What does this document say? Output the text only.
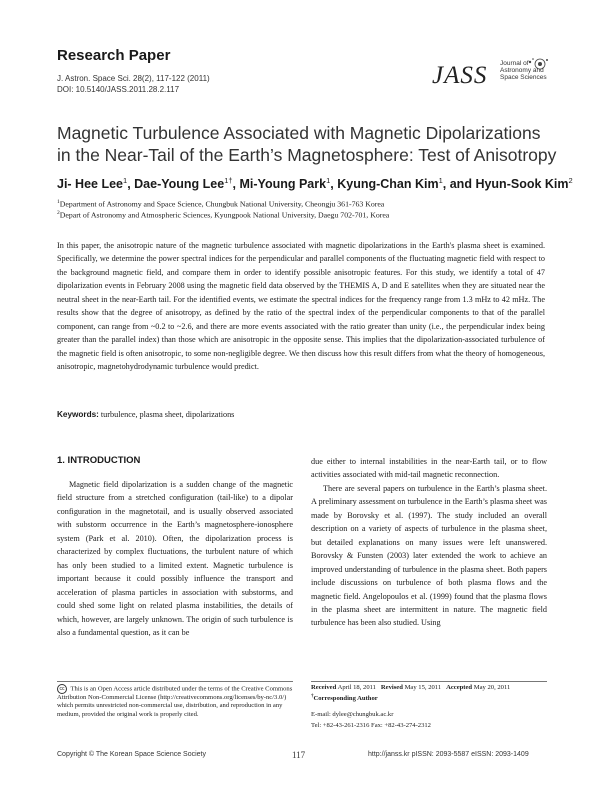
Research Paper
J. Astron. Space Sci. 28(2), 117-122 (2011)
DOI: 10.5140/JASS.2011.28.2.117
JASS Journal of
Astronomy and
Space Sciences
Magnetic Turbulence Associated with Magnetic Dipolarizations in the Near-Tail of the Earth’s Magnetosphere: Test of Anisotropy
Ji- Hee Lee$^1$, Dae-Young Lee$^{1\dagger}$, Mi-Young Park$^1$, Kyung-Chan Kim$^1$, and Hyun-Sook Kim$^2$
$^1$Department of Astronomy and Space Science, Chungbuk National University, Cheongju 361-763 Korea
$^2$Depart of Astronomy and Atmospheric Sciences, Kyungpook National University, Daegu 702-701, Korea
In this paper, the anisotropic nature of the magnetic turbulence associated with magnetic dipolarizations in the Earth's plasma sheet is examined. Specifically, we determine the power spectral indices for the perpendicular and parallel components of the fluctuating magnetic field with respect to the background magnetic field, and compare them in order to identify possible anisotropic features. For this study, we identify a total of 47 dipolarization events in February 2008 using the magnetic field data observed by the THEMIS A, D and E satellites when they are situated near the neutral sheet in the near-Earth tail. For the identified events, we estimate the spectral indices for the frequency range from 1.3 mHz to 42 mHz. The results show that the degree of anisotropy, as defined by the ratio of the spectral index of the perpendicular components to that of the parallel component, can range from ~0.2 to ~2.6, and there are more events associated with the ratio greater than unity (i.e., the perpendicular index being greater than the parallel index) than those which are anisotropic in the opposite sense. This implies that the dipolarization-associated turbulence of the magnetic field is often anisotropic, to some non-negligible degree. We then discuss how this result differs from what the theory of homogeneous, anisotropic, magnetohydrodynamic turbulence would predict.
Keywords: turbulence, plasma sheet, dipolarizations
1. INTRODUCTION

Magnetic field dipolarization is a sudden change of the magnetic field structure from a stretched configuration (tail-like) to a dipolar configuration in the magnetotail, and is usually observed associated with substorm occurrence in the Earth’s magnetosphere-ionosphere system (Park et al. 2010). Often, the dipolarization process is characterized by complex fluctuations, the turbulent nature of which has only been studied to a limited extent. Magnetic turbulence is important because it could possibly influence the transport and acceleration of plasma particles in association with substorms, and could shed some light on related plasma instabilities, the details of which, however, are largely unknown. The origin of such turbulence is also a fundamental question, as it can be

due either to internal instabilities in the near-Earth tail, or to flow activities associated with mid-tail magnetic reconnection.

There are several papers on turbulence in the Earth’s plasma sheet. A preliminary assessment on turbulence in the Earth’s plasma sheet was made by Borovsky et al. (1997). The study included an overall description on a variety of aspects of turbulence in the plasma sheet, but detailed explanations on many issues were left unanswered. Borovsky & Funsten (2003) later extended the work to achieve an improved understanding of turbulence in the plasma sheet. Both papers include discussions on turbulence of both plasma flows and the magnetic field. Angelopoulos et al. (1999) found that the plasma flows in the plasma sheet are intermittent in nature. The magnetic field turbulence has been also studied. Using

cc This is an Open Access article distributed under the terms of the Creative Commons Attribution Non-Commercial License (http://creativecommons.org/licenses/by-nc/3.0/) which permits unrestricted non-commercial use, distribution, and reproduction in any medium, provided the original work is properly cited.
Received April 18, 2011 Revised May 15, 2011 Accepted May 20, 2011
†Corresponding Author
E-mail: dylee@chungbuk.ac.kr
Tel: +82-43-261-2316 Fax: +82-43-274-2312
Copyright © The Korean Space Science Society	117	http://janss.kr pISSN: 2093-5587 eISSN: 2093-1409
